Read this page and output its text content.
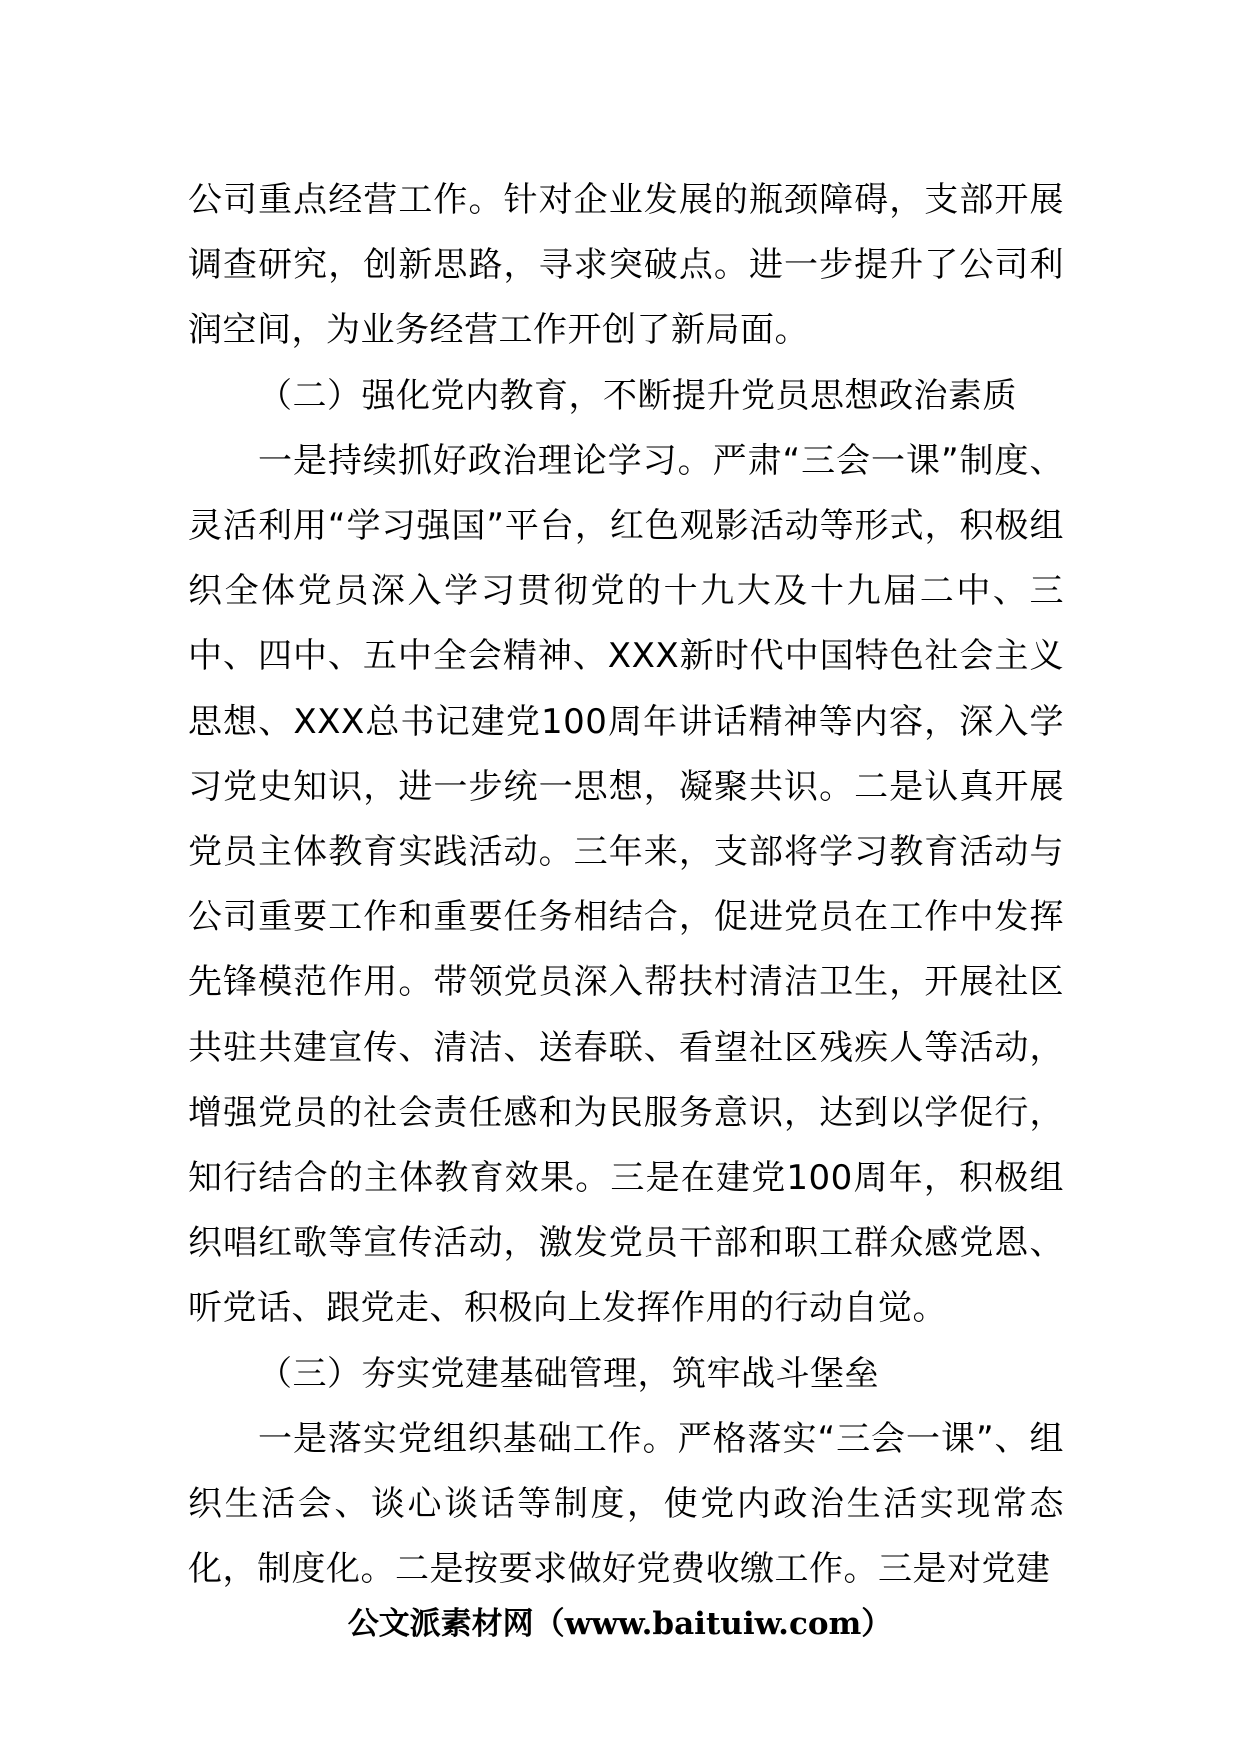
公司重点经营工作。针对企业发展的瓶颈障碍，支部开展调查研究，创新思路，寻求突破点。进一步提升了公司利润空间，为业务经营工作开创了新局面。

（二）强化党内教育，不断提升党员思想政治素质

一是持续抓好政治理论学习。严肃“三会一课”制度、灵活利用“学习强国”平台，红色观影活动等形式，积极组织全体党员深入学习贯彻党的十九大及十九届二中、三中、四中、五中全会精神、XXX新时代中国特色社会主义思想、XXX总书记建党100周年讲话精神等内容，深入学习党史知识，进一步统一思想，凝聚共识。二是认真开展党员主体教育实践活动。三年来，支部将学习教育活动与公司重要工作和重要任务相结合，促进党员在工作中发挥先锋模范作用。带领党员深入帮扶村清洁卫生，开展社区共驻共建宣传、清洁、送春联、看望社区残疾人等活动，增强党员的社会责任感和为民服务意识，达到以学促行，知行结合的主体教育效果。三是在建党100周年，积极组织唱红歌等宣传活动，激发党员干部和职工群众感党恩、听党话、跟党走、积极向上发挥作用的行动自觉。

（三）夯实党建基础管理，筑牢战斗堡垒

一是落实党组织基础工作。严格落实“三会一课”、组织生活会、谈心谈话等制度，使党内政治生活实现常态化，制度化。二是按要求做好党费收缴工作。三是对党建

公文派素材网（www.baituiw.com）
